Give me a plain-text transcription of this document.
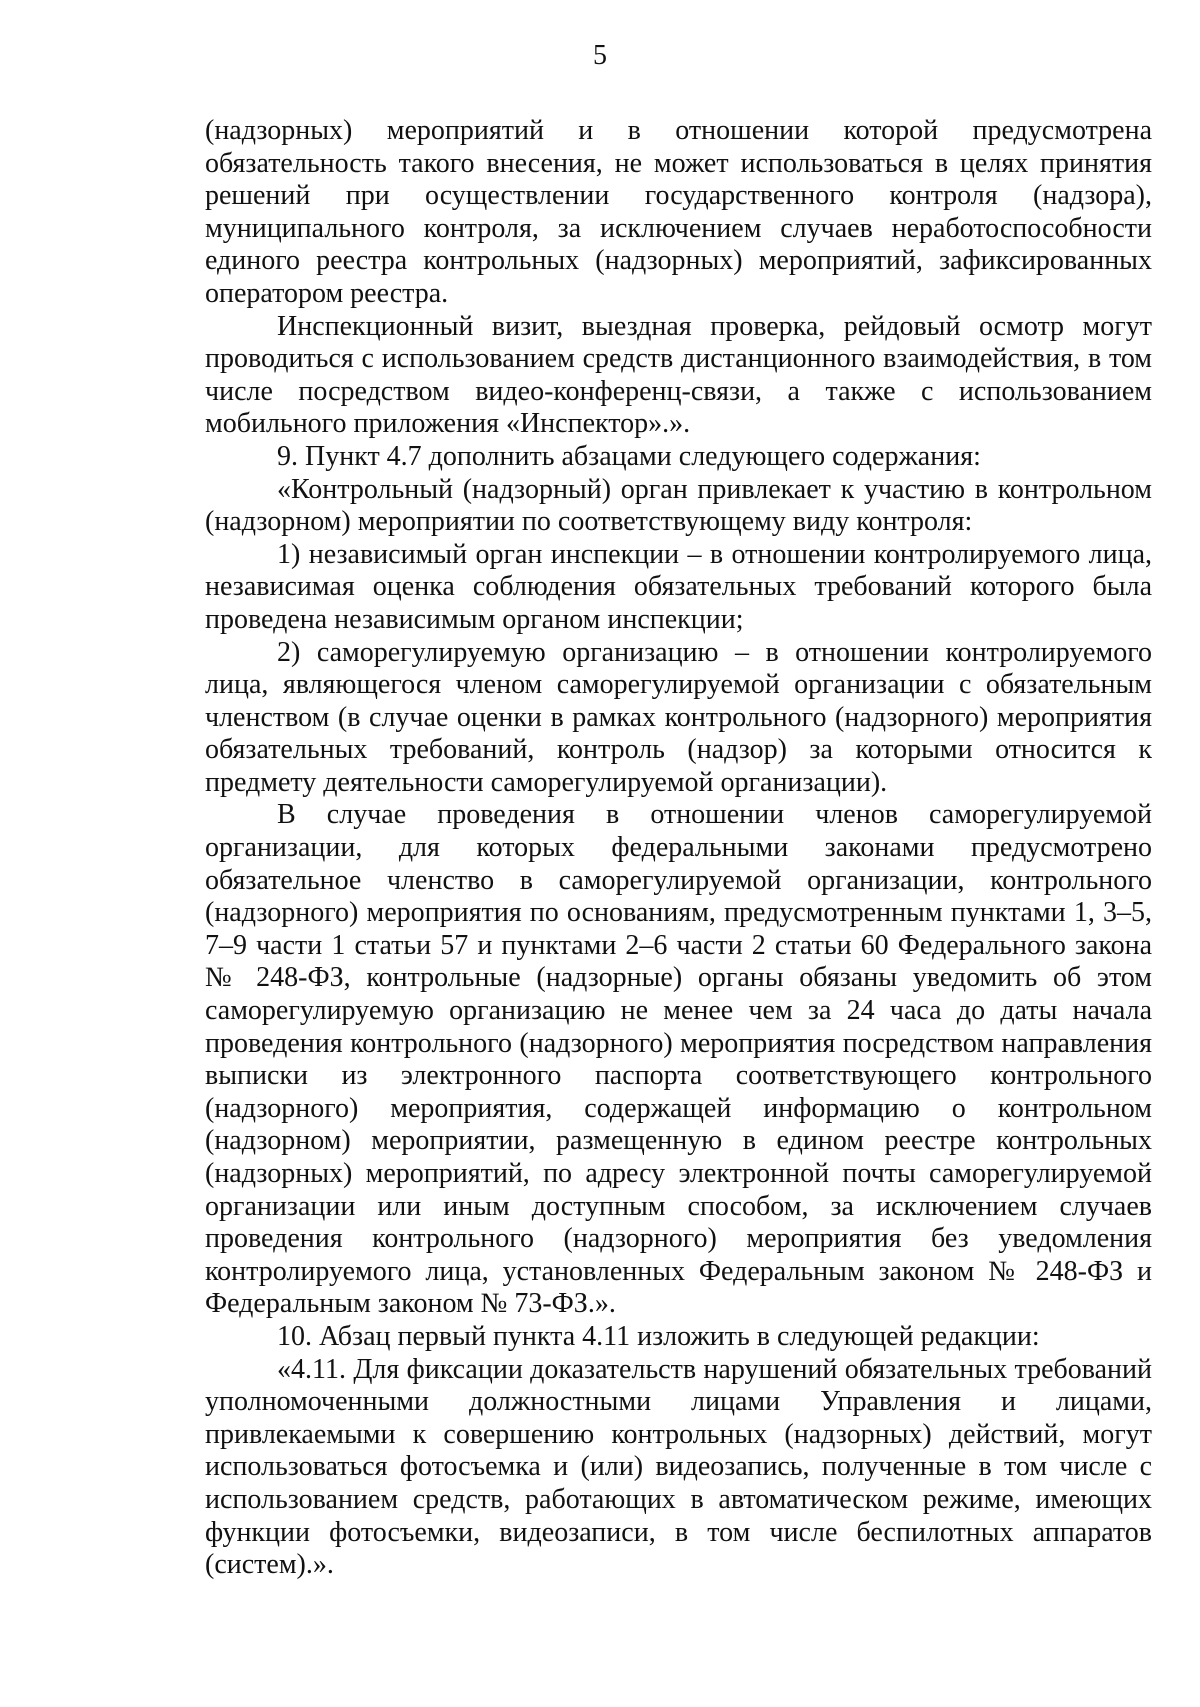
5

(надзорных) мероприятий и в отношении которой предусмотрена обязательность такого внесения, не может использоваться в целях принятия решений при осуществлении государственного контроля (надзора), муниципального контроля, за исключением случаев неработоспособности единого реестра контрольных (надзорных) мероприятий, зафиксированных оператором реестра.

Инспекционный визит, выездная проверка, рейдовый осмотр могут проводиться с использованием средств дистанционного взаимодействия, в том числе посредством видео-конференц-связи, а также с использованием мобильного приложения «Инспектор».».

9. Пункт 4.7 дополнить абзацами следующего содержания:

«Контрольный (надзорный) орган привлекает к участию в контрольном (надзорном) мероприятии по соответствующему виду контроля:

1) независимый орган инспекции – в отношении контролируемого лица, независимая оценка соблюдения обязательных требований которого была проведена независимым органом инспекции;

2) саморегулируемую организацию – в отношении контролируемого лица, являющегося членом саморегулируемой организации с обязательным членством (в случае оценки в рамках контрольного (надзорного) мероприятия обязательных требований, контроль (надзор) за которыми относится к предмету деятельности саморегулируемой организации).

В случае проведения в отношении членов саморегулируемой организации, для которых федеральными законами предусмотрено обязательное членство в саморегулируемой организации, контрольного (надзорного) мероприятия по основаниям, предусмотренным пунктами 1, 3–5, 7–9 части 1 статьи 57 и пунктами 2–6 части 2 статьи 60 Федерального закона № 248-ФЗ, контрольные (надзорные) органы обязаны уведомить об этом саморегулируемую организацию не менее чем за 24 часа до даты начала проведения контрольного (надзорного) мероприятия посредством направления выписки из электронного паспорта соответствующего контрольного (надзорного) мероприятия, содержащей информацию о контрольном (надзорном) мероприятии, размещенную в едином реестре контрольных (надзорных) мероприятий, по адресу электронной почты саморегулируемой организации или иным доступным способом, за исключением случаев проведения контрольного (надзорного) мероприятия без уведомления контролируемого лица, установленных Федеральным законом № 248-ФЗ и Федеральным законом № 73-ФЗ.».

10. Абзац первый пункта 4.11 изложить в следующей редакции:

«4.11. Для фиксации доказательств нарушений обязательных требований уполномоченными должностными лицами Управления и лицами, привлекаемыми к совершению контрольных (надзорных) действий, могут использоваться фотосъемка и (или) видеозапись, полученные в том числе с использованием средств, работающих в автоматическом режиме, имеющих функции фотосъемки, видеозаписи, в том числе беспилотных аппаратов (систем).».
